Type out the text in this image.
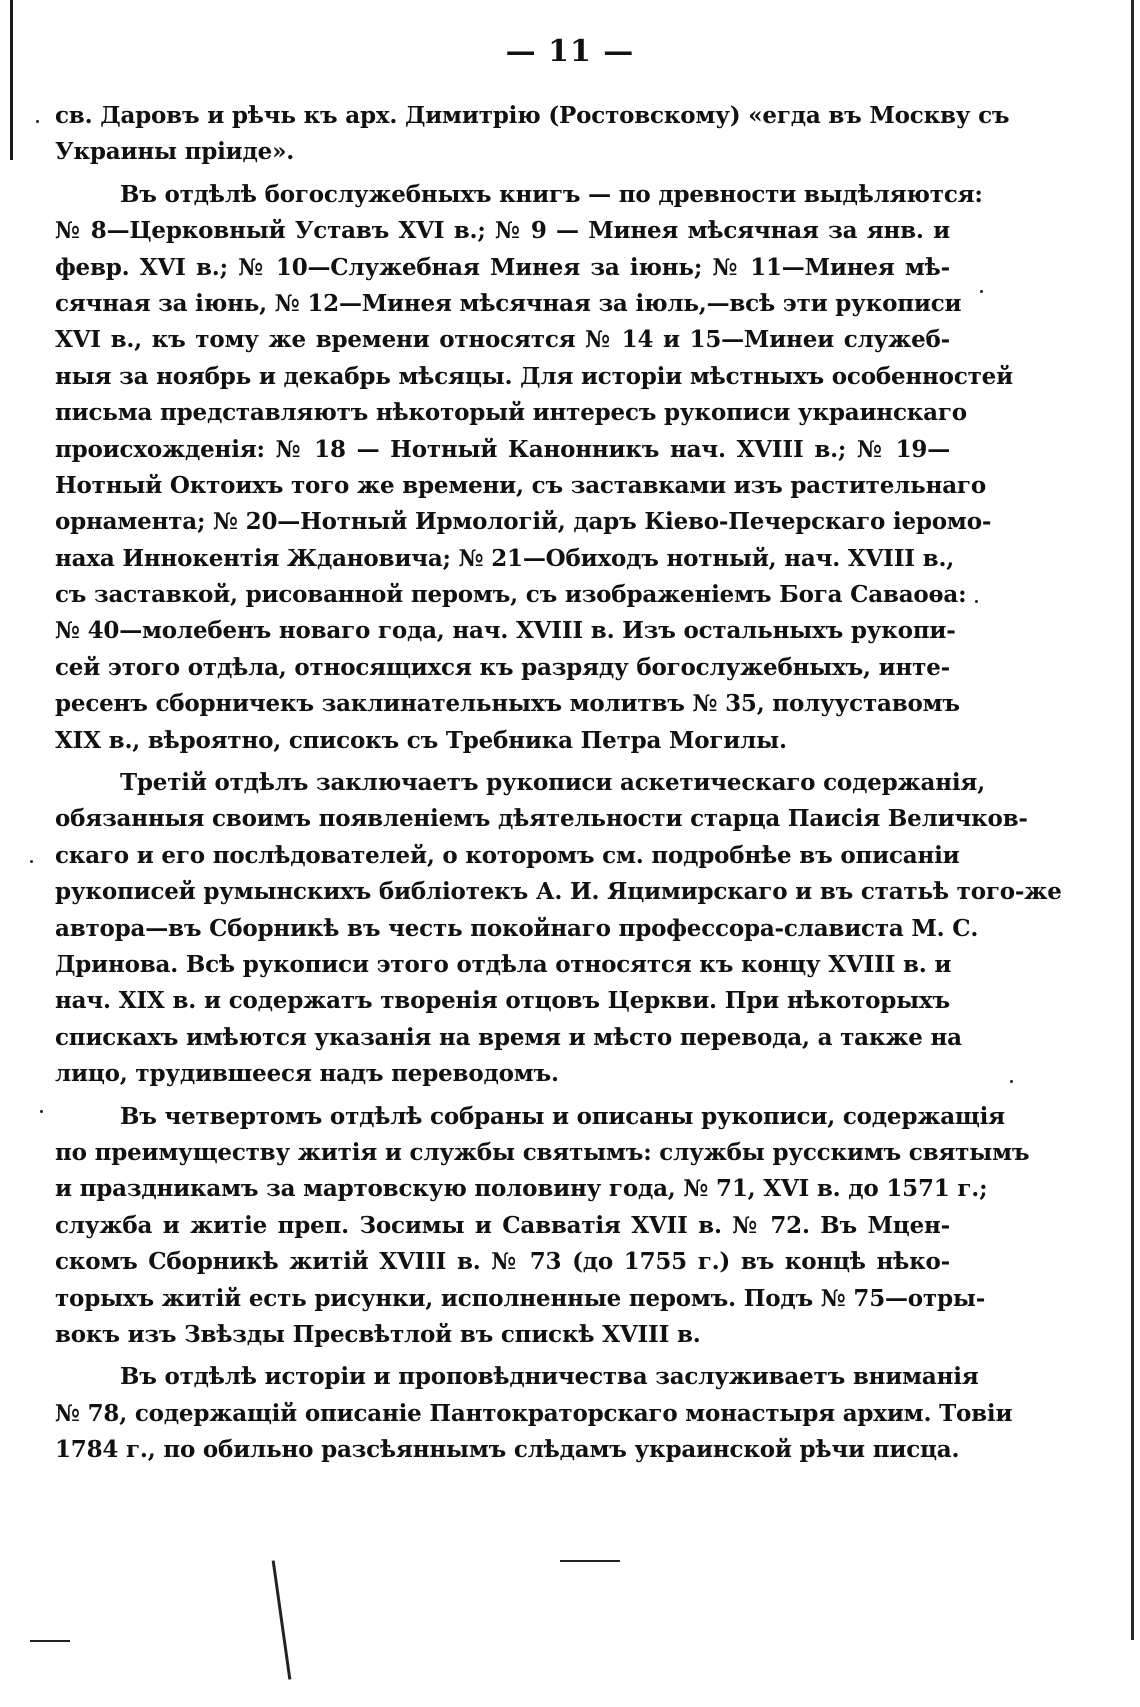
— 11 —
св. Даровъ и рѣчь къ арх. Димитрію (Ростовскому) «егда въ Москву съ
Украины пріиде».
Въ отдѣлѣ богослужебныхъ книгъ — по древности выдѣляются:
№ 8—Церковный Уставъ XVI в.; № 9 — Минея мѣсячная за янв. и
февр. XVI в.; № 10—Служебная Минея за іюнь; № 11—Минея мѣ-
сячная за іюнь, № 12—Минея мѣсячная за іюль,—всѣ эти рукописи
XVI в., къ тому же времени относятся № 14 и 15—Минеи служеб-
ныя за ноябрь и декабрь мѣсяцы. Для исторіи мѣстныхъ особенностей
письма представляютъ нѣкоторый интересъ рукописи украинскаго
происхожденія: № 18 — Нотный Канонникъ нач. XVIII в.; № 19—
Нотный Октоихъ того же времени, съ заставками изъ растительнаго
орнамента; № 20—Нотный Ирмологій, даръ Кіево-Печерскаго іеромо-
наха Иннокентія Ждановича; № 21—Обиходъ нотный, нач. XVIII в.,
съ заставкой, рисованной перомъ, съ изображеніемъ Бога Саваоѳа:
№ 40—молебенъ новаго года, нач. XVIII в. Изъ остальныхъ рукопи-
сей этого отдѣла, относящихся къ разряду богослужебныхъ, инте-
ресенъ сборничекъ заклинательныхъ молитвъ № 35, полууставомъ
XIX в., вѣроятно, списокъ съ Требника Петра Могилы.
Третій отдѣлъ заключаетъ рукописи аскетическаго содержанія,
обязанныя своимъ появленіемъ дѣятельности старца Паисія Величков-
скаго и его послѣдователей, о которомъ см. подробнѣе въ описаніи
рукописей румынскихъ библіотекъ А. И. Яцимирскаго и въ статьѣ того-же
автора—въ Сборникѣ въ честь покойнаго профессора-слависта М. С.
Дринова. Всѣ рукописи этого отдѣла относятся къ концу XVIII в. и
нач. XIX в. и содержатъ творенія отцовъ Церкви. При нѣкоторыхъ
спискахъ имѣются указанія на время и мѣсто перевода, а также на
лицо, трудившееся надъ переводомъ.
Въ четвертомъ отдѣлѣ собраны и описаны рукописи, содержащія
по преимуществу житія и службы святымъ: службы русскимъ святымъ
и праздникамъ за мартовскую половину года, № 71, XVI в. до 1571 г.;
служба и житіе преп. Зосимы и Савватія XVII в. № 72. Въ Мцен-
скомъ Сборникѣ житій XVIII в. № 73 (до 1755 г.) въ концѣ нѣко-
торыхъ житій есть рисунки, исполненные перомъ. Подъ № 75—отры-
вокъ изъ Звѣзды Пресвѣтлой въ спискѣ XVIII в.
Въ отдѣлѣ исторіи и проповѣдничества заслуживаетъ вниманія
№ 78, содержащій описаніе Пантократорскаго монастыря архим. Товіи
1784 г., по обильно разсѣяннымъ слѣдамъ украинской рѣчи писца.
